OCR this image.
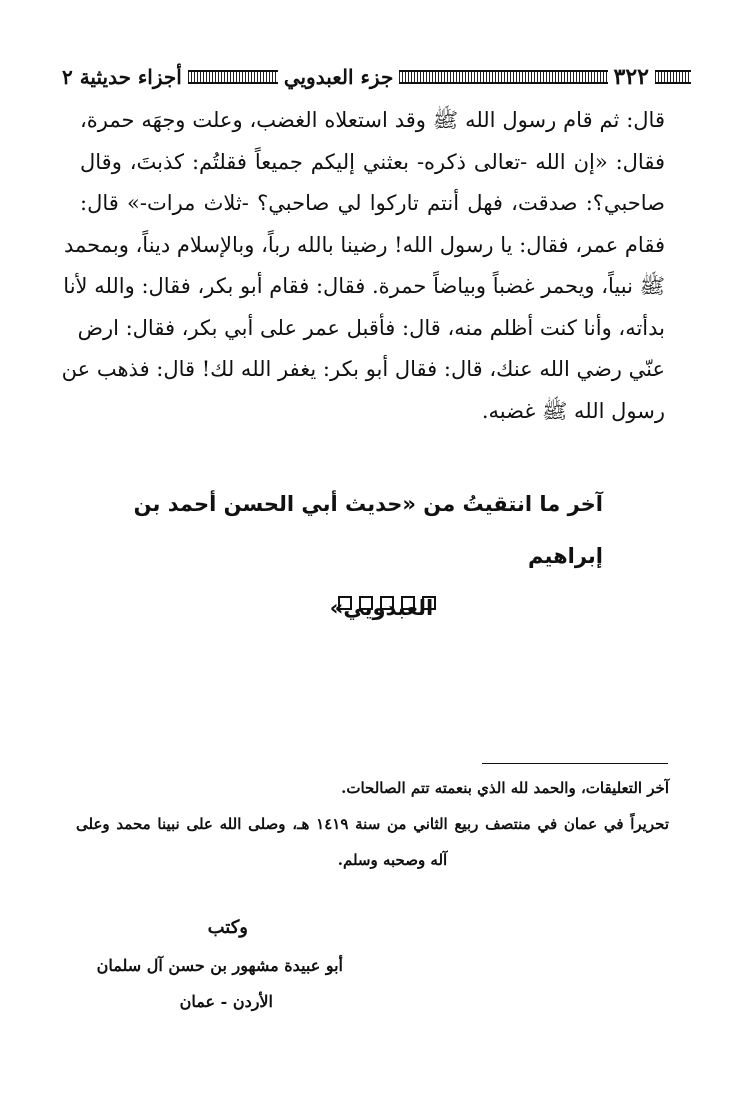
٣٢٢
جزء العبدويي
أجزاء حديثية ٢
قال: ثم قام رسول الله ﷺ وقد استعلاه الغضب، وعلت وجهَه حمرة،
فقال: «إن الله -تعالى ذكره- بعثني إليكم جميعاً فقلتُم: كذبتَ، وقال
صاحبي؟: صدقت، فهل أنتم تاركوا لي صاحبي؟ -ثلاث مرات-» قال:
فقام عمر، فقال: يا رسول الله! رضينا بالله رباً، وبالإسلام ديناً، وبمحمد
ﷺ نبياً، ويحمر غضباً وبياضاً حمرة. فقال: فقام أبو بكر، فقال: والله لأنا
بدأته، وأنا كنت أظلم منه، قال: فأقبل عمر على أبي بكر، فقال: ارض
عنّي رضي الله عنك، قال: فقال أبو بكر: يغفر الله لك! قال: فذهب عن
رسول الله ﷺ غضبه.
آخر ما انتقيتُ من «حديث أبي الحسن أحمد بن إبراهيم
العبدويي»
آخر التعليقات، والحمد لله الذي بنعمته تتم الصالحات.
تحريراً في عمان في منتصف ربيع الثاني من سنة ١٤١٩ هـ، وصلى الله على نبينا محمد وعلى
آله وصحبه وسلم.
وكتب
أبو عبيدة مشهور بن حسن آل سلمان
الأردن - عمان
